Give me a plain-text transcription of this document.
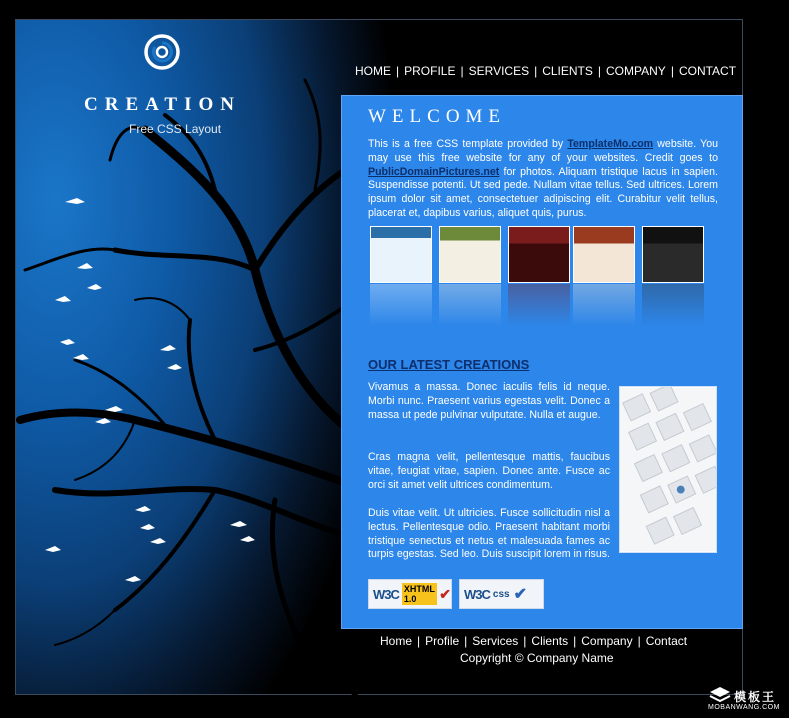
CREATION
Free CSS Layout
HOME | PROFILE | SERVICES | CLIENTS | COMPANY | CONTACT
WELCOME

This is a free CSS template provided by TemplateMo.com website. You may use this free website for any of your websites. Credit goes to PublicDomainPictures.net for photos. Aliquam tristique lacus in sapien. Suspendisse potenti. Ut sed pede. Nullam vitae tellus. Sed ultrices. Lorem ipsum dolor sit amet, consectetuer adipiscing elit. Curabitur velit tellus, placerat et, dapibus varius, aliquet quis, purus.

OUR LATEST CREATIONS

Vivamus a massa. Donec iaculis felis id neque. Morbi nunc. Praesent varius egestas velit. Donec a massa ut pede pulvinar vulputate. Nulla et augue.

Cras magna velit, pellentesque mattis, faucibus vitae, feugiat vitae, sapien. Donec ante. Fusce ac orci sit amet velit ultrices condimentum.

Duis vitae velit. Ut ultricies. Fusce sollicitudin nisl a lectus. Pellentesque odio. Praesent habitant morbi tristique senectus et netus et malesuada fames ac turpis egestas. Sed leo. Duis suscipit lorem in risus.

W3C XHTML 1.0	✔ W3C css ✔
Home | Profile | Services | Clients | Company | Contact
Copyright © Company Name
模板王
MOBANWANG.COM
